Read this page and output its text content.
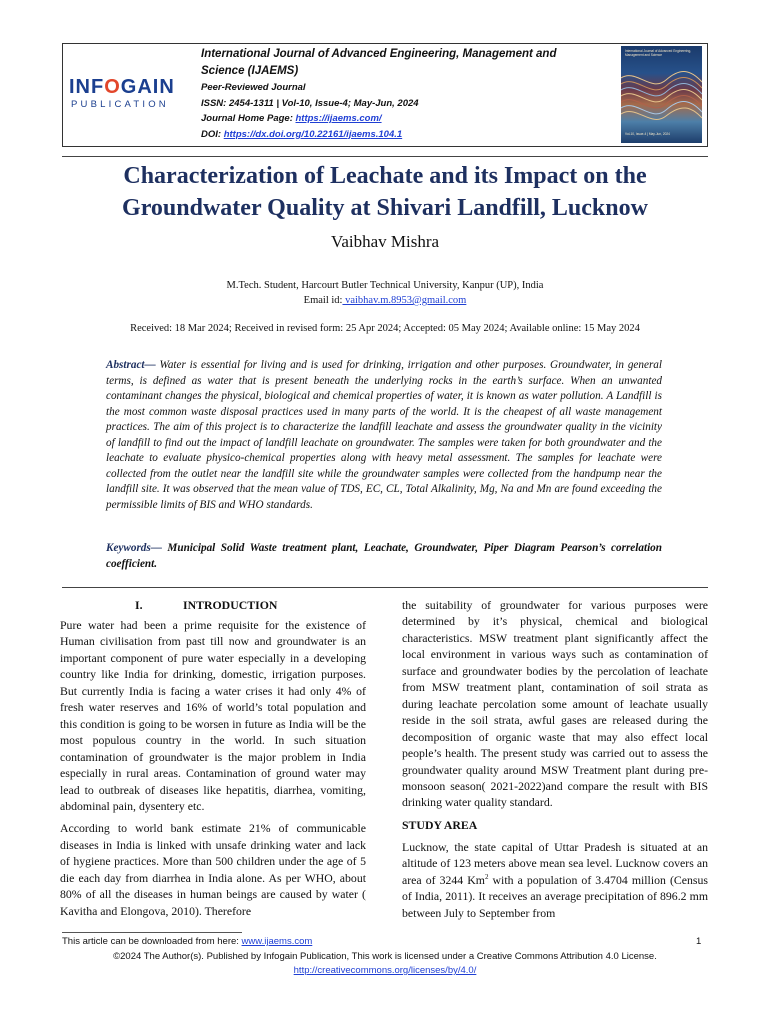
INFOGAIN
PUBLICATION
International Journal of Advanced Engineering, Management and Science (IJAEMS)
Peer-Reviewed Journal
ISSN: 2454-1311 | Vol-10, Issue-4; May-Jun, 2024
Journal Home Page: https://ijaems.com/
DOI: https://dx.doi.org/10.22161/ijaems.104.1
International Journal of Advanced Engineering, Management and Science
Vol-10, Issue-4 | May-Jun, 2024
Characterization of Leachate and its Impact on the Groundwater Quality at Shivari Landfill, Lucknow
Vaibhav Mishra
M.Tech. Student, Harcourt Butler Technical University, Kanpur (UP), India
Email id: vaibhav.m.8953@gmail.com
Received: 18 Mar 2024; Received in revised form: 25 Apr 2024; Accepted: 05 May 2024; Available online: 15 May 2024
Abstract— Water is essential for living and is used for drinking, irrigation and other purposes. Groundwater, in general terms, is defined as water that is present beneath the underlying rocks in the earth’s surface. When an unwanted contaminant changes the physical, biological and chemical properties of water, it is known as water pollution. A Landfill is the most common waste disposal practices used in many parts of the world. It is the cheapest of all waste management practices. The aim of this project is to characterize the landfill leachate and assess the groundwater quality in the vicinity of landfill to find out the impact of landfill leachate on groundwater. The samples were taken for both groundwater and the leachate to evaluate physico-chemical properties along with heavy metal assessment. The samples for leachate were collected from the outlet near the landfill site while the groundwater samples were collected from the handpump near the landfill site. It was observed that the mean value of TDS, EC, CL, Total Alkalinity, Mg, Na and Mn are found exceeding the permissible limits of BIS and WHO standards.
Keywords— Municipal Solid Waste treatment plant, Leachate, Groundwater, Piper Diagram Pearson’s correlation coefficient.
I.	INTRODUCTION

Pure water had been a prime requisite for the existence of Human civilisation from past till now and groundwater is an important component of pure water especially in a developing country like India for drinking, domestic, irrigation purposes. But currently India is facing a water crises it had only 4% of fresh water reserves and 16% of world’s total population and this condition is going to be worsen in future as India will be the most populous country in the world. In such situation contamination of groundwater is the major problem in India especially in rural areas. Contamination of ground water may lead to outbreak of diseases like hepatitis, diarrhea, vomiting, abdominal pain, dysentery etc.

According to world bank estimate 21% of communicable diseases in India is linked with unsafe drinking water and lack of hygiene practices. More than 500 children under the age of 5 die each day from diarrhea in India alone. As per WHO, about 80% of all the diseases in human beings are caused by water ( Kavitha and Elongova, 2010). Therefore

the suitability of groundwater for various purposes were determined by it’s physical, chemical and biological characteristics. MSW treatment plant significantly affect the local environment in various ways such as contamination of surface and groundwater bodies by the percolation of leachate from MSW treatment plant, contamination of soil strata as during leachate percolation some amount of leachate usually reside in the soil strata, awful gases are released during the decomposition of organic waste that may also effect local people’s health. The present study was carried out to assess the groundwater quality around MSW Treatment plant during pre-monsoon season( 2021-2022)and compare the result with BIS drinking water quality standard.

STUDY AREA

Lucknow, the state capital of Uttar Pradesh is situated at an altitude of 123 meters above mean sea level. Lucknow covers an area of 3244 Km$^2$ with a population of 3.4704 million (Census of India, 2011). It receives an average precipitation of 896.2 mm between July to September from

This article can be downloaded from here: www.ijaems.com	1
©2024 The Author(s). Published by Infogain Publication, This work is licensed under a Creative Commons Attribution 4.0 License.
http://creativecommons.org/licenses/by/4.0/
